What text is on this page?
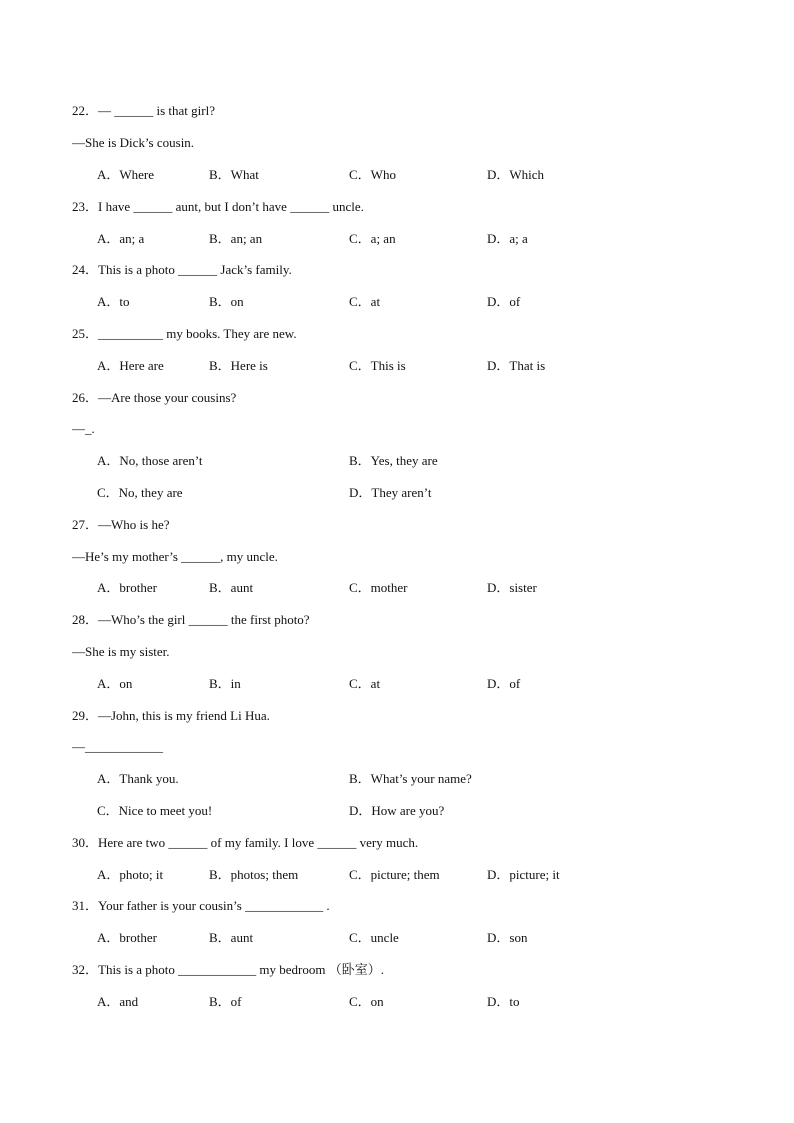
22．— ______ is that girl?
—She is Dick’s cousin.
A．Where	B．What	C．Who	D．Which
23．I have ______ aunt, but I don’t have ______ uncle.
A．an; a	B．an; an	C．a; an	D．a; a
24．This is a photo ______ Jack’s family.
A．to	B．on	C．at	D．of
25．__________ my books. They are new.
A．Here are	B．Here is	C．This is	D．That is
26．—Are those your cousins?
—_.
A．No, those aren’t	B．Yes, they are
C．No, they are	D．They aren’t
27．—Who is he?
—He’s my mother’s ______, my uncle.
A．brother	B．aunt	C．mother	D．sister
28．—Who’s the girl ______ the first photo?
—She is my sister.
A．on	B．in	C．at	D．of
29．—John, this is my friend Li Hua.
—____________
A．Thank you.	B．What’s your name?
C．Nice to meet you!	D．How are you?
30．Here are two ______ of my family. I love ______ very much.
A．photo; it	B．photos; them	C．picture; them	D．picture; it
31．Your father is your cousin’s ____________ .
A．brother	B．aunt	C．uncle	D．son
32．This is a photo ____________ my bedroom （卧室）.
A．and	B．of	C．on	D．to
